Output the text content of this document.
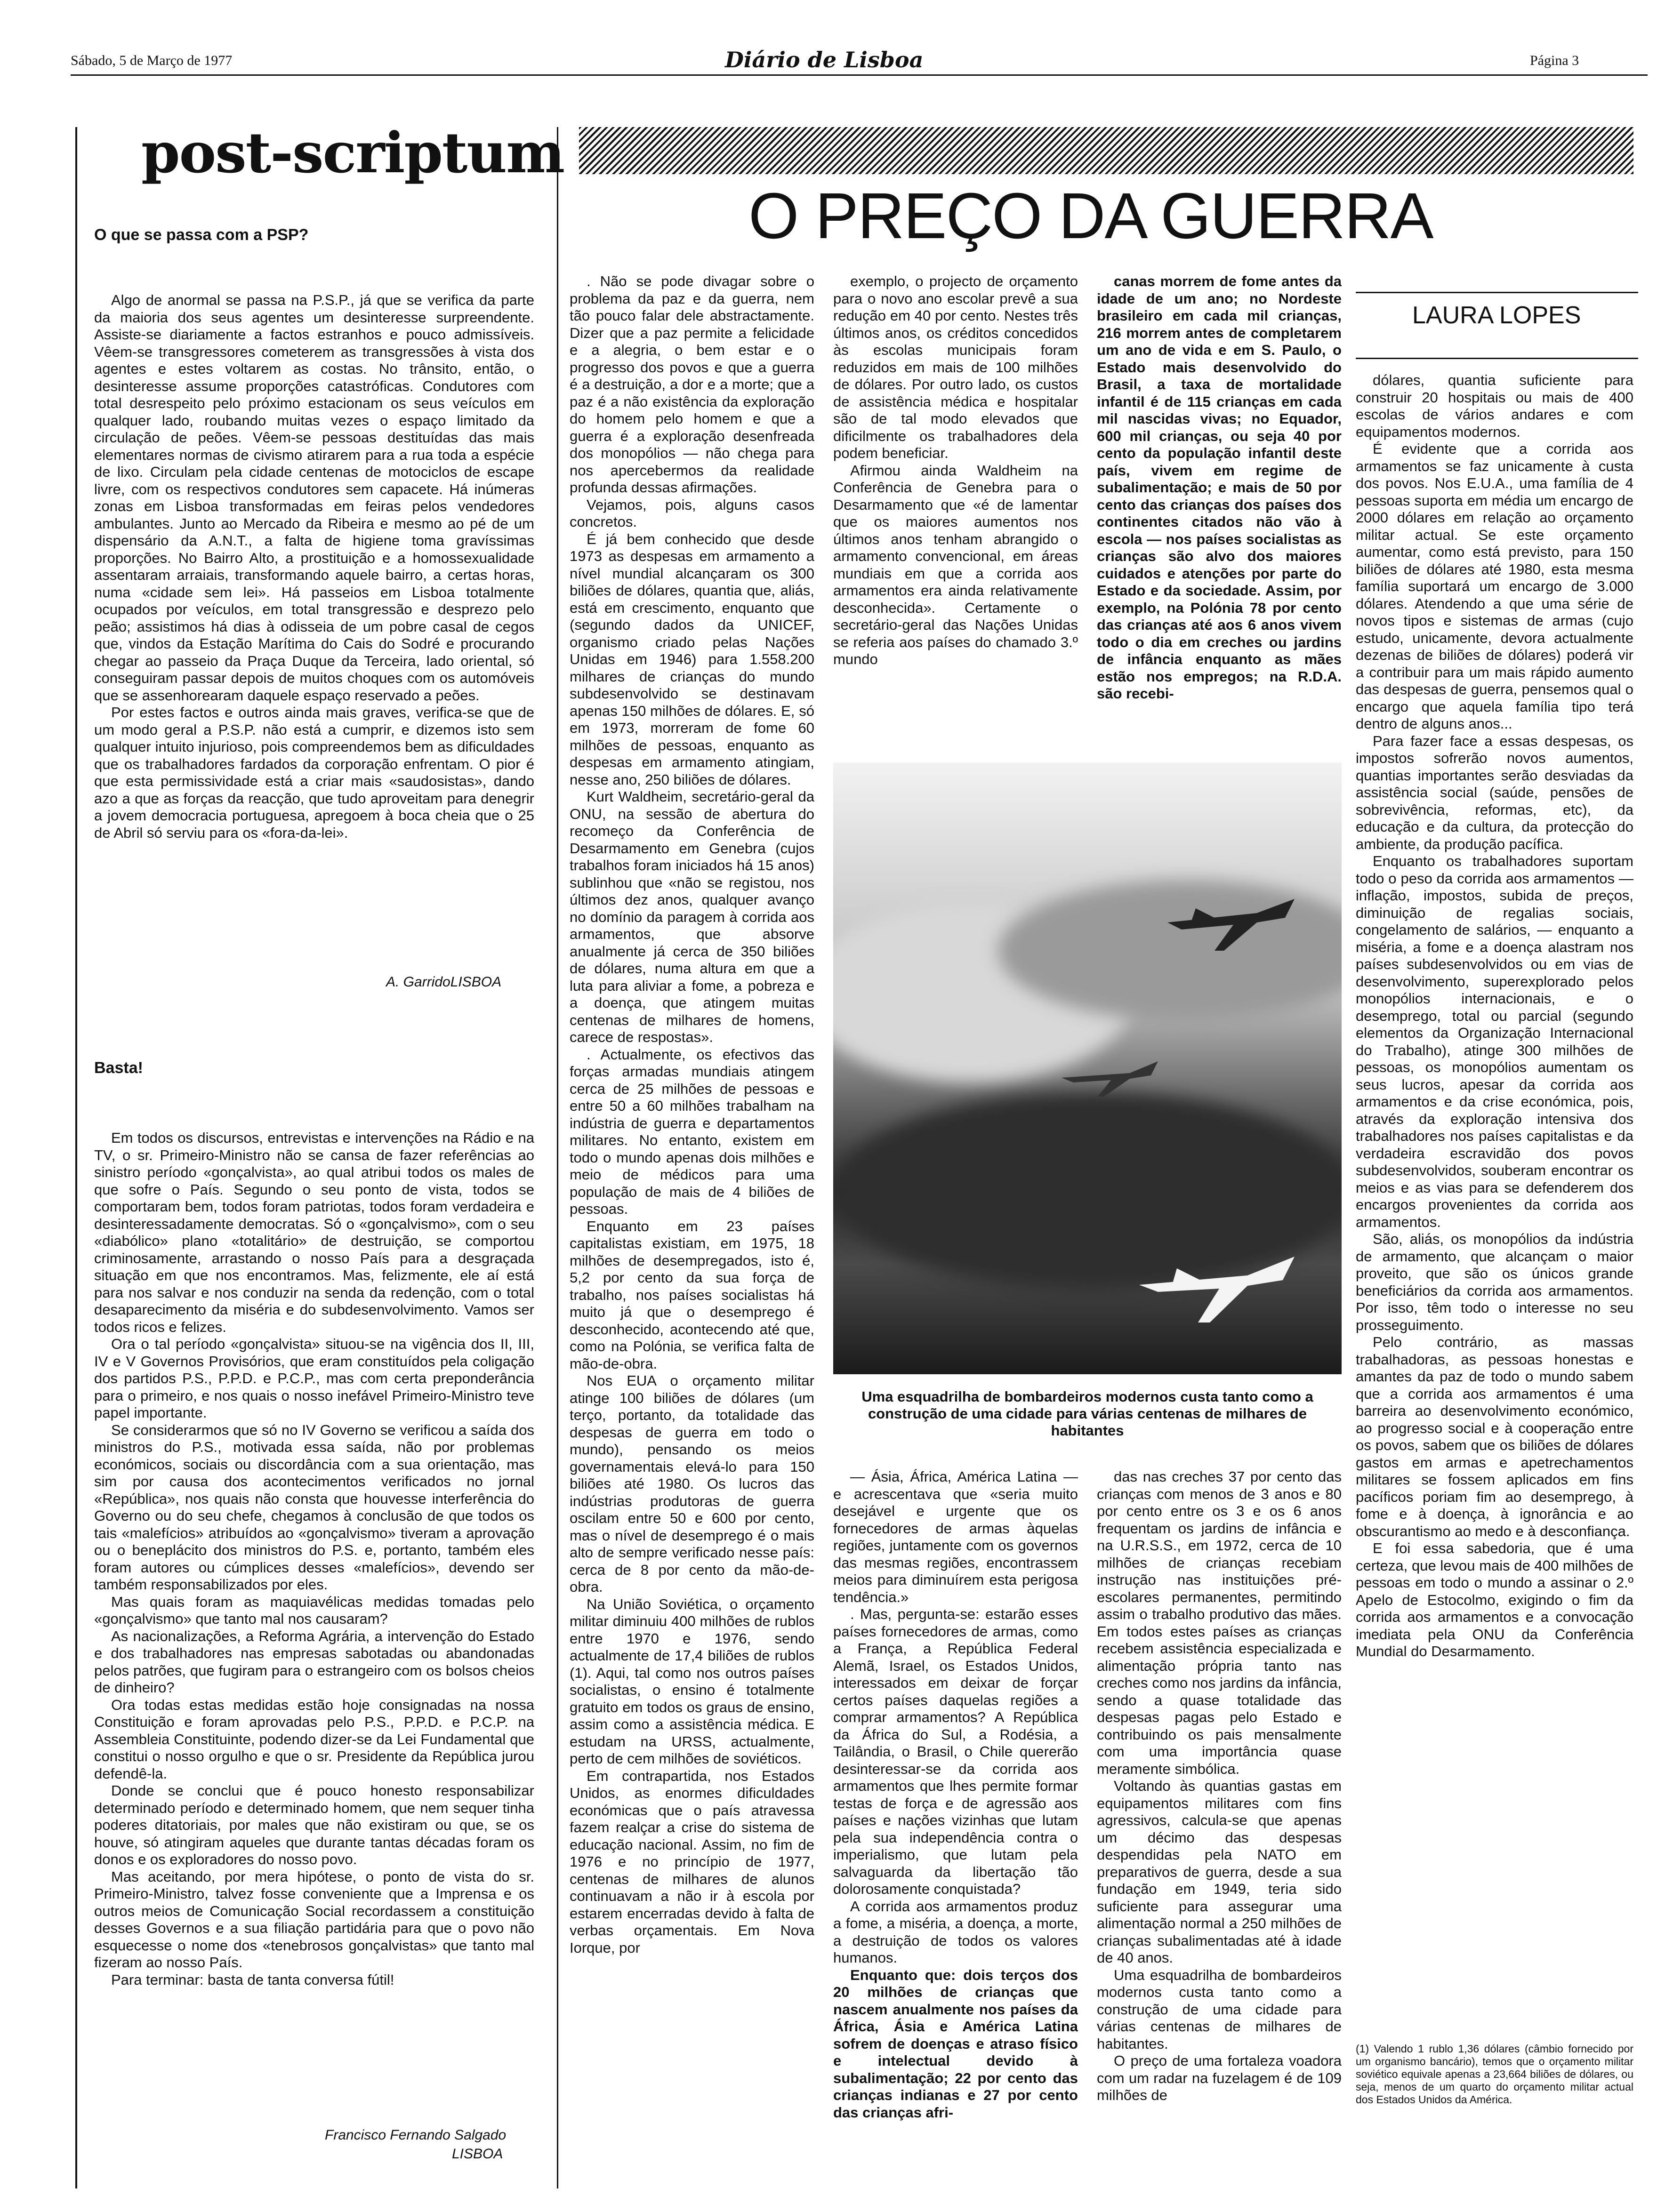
Sábado, 5 de Março de 1977	Diário de Lisboa	Página 3
post-scriptum
O que se passa com a PSP?

Algo de anormal se passa na P.S.P., já que se verifica da parte da maioria dos seus agentes um desinteresse surpreendente. Assiste-se diariamente a factos estranhos e pouco admissíveis. Vêem-se transgressores cometerem as transgressões à vista dos agentes e estes voltarem as costas. No trânsito, então, o desinteresse assume proporções catastróficas. Condutores com total desrespeito pelo próximo estacionam os seus veículos em qualquer lado, roubando muitas vezes o espaço limitado da circulação de peões. Vêem-se pessoas destituídas das mais elementares normas de civismo atirarem para a rua toda a espécie de lixo. Circulam pela cidade centenas de motociclos de escape livre, com os respectivos condutores sem capacete. Há inúmeras zonas em Lisboa transformadas em feiras pelos vendedores ambulantes. Junto ao Mercado da Ribeira e mesmo ao pé de um dispensário da A.N.T., a falta de higiene toma gravíssimas proporções. No Bairro Alto, a prostituição e a homossexualidade assentaram arraiais, transformando aquele bairro, a certas horas, numa «cidade sem lei». Há passeios em Lisboa totalmente ocupados por veículos, em total transgressão e desprezo pelo peão; assistimos há dias à odisseia de um pobre casal de cegos que, vindos da Estação Marítima do Cais do Sodré e procurando chegar ao passeio da Praça Duque da Terceira, lado oriental, só conseguiram passar depois de muitos choques com os automóveis que se assenhorearam daquele espaço reservado a peões.

Por estes factos e outros ainda mais graves, verifica-se que de um modo geral a P.S.P. não está a cumprir, e dizemos isto sem qualquer intuito injurioso, pois compreendemos bem as dificuldades que os trabalhadores fardados da corporação enfrentam. O pior é que esta permissividade está a criar mais «saudosistas», dando azo a que as forças da reacção, que tudo aproveitam para denegrir a jovem democracia portuguesa, apregoem à boca cheia que o 25 de Abril só serviu para os «fora-da-lei».

A. GarridoLISBOA
Basta!

Em todos os discursos, entrevistas e intervenções na Rádio e na TV, o sr. Primeiro-Ministro não se cansa de fazer referências ao sinistro período «gonçalvista», ao qual atribui todos os males de que sofre o País. Segundo o seu ponto de vista, todos se comportaram bem, todos foram patriotas, todos foram verdadeira e desinteressadamente democratas. Só o «gonçalvismo», com o seu «diabólico» plano «totalitário» de destruição, se comportou criminosamente, arrastando o nosso País para a desgraçada situação em que nos encontramos. Mas, felizmente, ele aí está para nos salvar e nos conduzir na senda da redenção, com o total desaparecimento da miséria e do subdesenvolvimento. Vamos ser todos ricos e felizes.

Ora o tal período «gonçalvista» situou-se na vigência dos II, III, IV e V Governos Provisórios, que eram constituídos pela coligação dos partidos P.S., P.P.D. e P.C.P., mas com certa preponderância para o primeiro, e nos quais o nosso inefável Primeiro-Ministro teve papel importante.

Se considerarmos que só no IV Governo se verificou a saída dos ministros do P.S., motivada essa saída, não por problemas económicos, sociais ou discordância com a sua orientação, mas sim por causa dos acontecimentos verificados no jornal «República», nos quais não consta que houvesse interferência do Governo ou do seu chefe, chegamos à conclusão de que todos os tais «malefícios» atribuídos ao «gonçalvismo» tiveram a aprovação ou o beneplácito dos ministros do P.S. e, portanto, também eles foram autores ou cúmplices desses «malefícios», devendo ser também responsabilizados por eles.

Mas quais foram as maquiavélicas medidas tomadas pelo «gonçalvismo» que tanto mal nos causaram?

As nacionalizações, a Reforma Agrária, a intervenção do Estado e dos trabalhadores nas empresas sabotadas ou abandonadas pelos patrões, que fugiram para o estrangeiro com os bolsos cheios de dinheiro?

Ora todas estas medidas estão hoje consignadas na nossa Constituição e foram aprovadas pelo P.S., P.P.D. e P.C.P. na Assembleia Constituinte, podendo dizer-se da Lei Fundamental que constitui o nosso orgulho e que o sr. Presidente da República jurou defendê-la.

Donde se conclui que é pouco honesto responsabilizar determinado período e determinado homem, que nem sequer tinha poderes ditatoriais, por males que não existiram ou que, se os houve, só atingiram aqueles que durante tantas décadas foram os donos e os exploradores do nosso povo.

Mas aceitando, por mera hipótese, o ponto de vista do sr. Primeiro-Ministro, talvez fosse conveniente que a Imprensa e os outros meios de Comunicação Social recordassem a constituição desses Governos e a sua filiação partidária para que o povo não esquecesse o nome dos «tenebrosos gonçalvistas» que tanto mal fizeram ao nosso País.

Para terminar: basta de tanta conversa fútil!

Francisco Fernando Salgado
LISBOA
O PREÇO DA GUERRA
LAURA LOPES

. Não se pode divagar sobre o problema da paz e da guerra, nem tão pouco falar dele abstractamente. Dizer que a paz permite a felicidade e a alegria, o bem estar e o progresso dos povos e que a guerra é a destruição, a dor e a morte; que a paz é a não existência da exploração do homem pelo homem e que a guerra é a exploração desenfreada dos monopólios — não chega para nos apercebermos da realidade profunda dessas afirmações.

Vejamos, pois, alguns casos concretos.

É já bem conhecido que desde 1973 as despesas em armamento a nível mundial alcançaram os 300 biliões de dólares, quantia que, aliás, está em crescimento, enquanto que (segundo dados da UNICEF, organismo criado pelas Nações Unidas em 1946) para 1.558.200 milhares de crianças do mundo subdesenvolvido se destinavam apenas 150 milhões de dólares. E, só em 1973, morreram de fome 60 milhões de pessoas, enquanto as despesas em armamento atingiam, nesse ano, 250 biliões de dólares.

Kurt Waldheim, secretário-geral da ONU, na sessão de abertura do recomeço da Conferência de Desarmamento em Genebra (cujos trabalhos foram iniciados há 15 anos) sublinhou que «não se registou, nos últimos dez anos, qualquer avanço no domínio da paragem à corrida aos armamentos, que absorve anualmente já cerca de 350 biliões de dólares, numa altura em que a luta para aliviar a fome, a pobreza e a doença, que atingem muitas centenas de milhares de homens, carece de respostas».

. Actualmente, os efectivos das forças armadas mundiais atingem cerca de 25 milhões de pessoas e entre 50 a 60 milhões trabalham na indústria de guerra e departamentos militares. No entanto, existem em todo o mundo apenas dois milhões e meio de médicos para uma população de mais de 4 biliões de pessoas.

Enquanto em 23 países capitalistas existiam, em 1975, 18 milhões de desempregados, isto é, 5,2 por cento da sua força de trabalho, nos países socialistas há muito já que o desemprego é desconhecido, acontecendo até que, como na Polónia, se verifica falta de mão-de-obra.

Nos EUA o orçamento militar atinge 100 biliões de dólares (um terço, portanto, da totalidade das despesas de guerra em todo o mundo), pensando os meios governamentais elevá-lo para 150 biliões até 1980. Os lucros das indústrias produtoras de guerra oscilam entre 50 e 600 por cento, mas o nível de desemprego é o mais alto de sempre verificado nesse país: cerca de 8 por cento da mão-de-obra.

Na União Soviética, o orçamento militar diminuiu 400 milhões de rublos entre 1970 e 1976, sendo actualmente de 17,4 biliões de rublos (1). Aqui, tal como nos outros países socialistas, o ensino é totalmente gratuito em todos os graus de ensino, assim como a assistência médica. E estudam na URSS, actualmente, perto de cem milhões de soviéticos.

Em contrapartida, nos Estados Unidos, as enormes dificuldades económicas que o país atravessa fazem realçar a crise do sistema de educação nacional. Assim, no fim de 1976 e no princípio de 1977, centenas de milhares de alunos continuavam a não ir à escola por estarem encerradas devido à falta de verbas orçamentais. Em Nova Iorque, por

exemplo, o projecto de orçamento para o novo ano escolar prevê a sua redução em 40 por cento. Nestes três últimos anos, os créditos concedidos às escolas municipais foram reduzidos em mais de 100 milhões de dólares. Por outro lado, os custos de assistência médica e hospitalar são de tal modo elevados que dificilmente os trabalhadores dela podem beneficiar.

Afirmou ainda Waldheim na Conferência de Genebra para o Desarmamento que «é de lamentar que os maiores aumentos nos últimos anos tenham abrangido o armamento convencional, em áreas mundiais em que a corrida aos armamentos era ainda relativamente desconhecida». Certamente o secretário-geral das Nações Unidas se referia aos países do chamado 3.º mundo

canas morrem de fome antes da idade de um ano; no Nordeste brasileiro em cada mil crianças, 216 morrem antes de completarem um ano de vida e em S. Paulo, o Estado mais desenvolvido do Brasil, a taxa de mortalidade infantil é de 115 crianças em cada mil nascidas vivas; no Equador, 600 mil crianças, ou seja 40 por cento da população infantil deste país, vivem em regime de subalimentação; e mais de 50 por cento das crianças dos países dos continentes citados não vão à escola — nos países socialistas as crianças são alvo dos maiores cuidados e atenções por parte do Estado e da sociedade. Assim, por exemplo, na Polónia 78 por cento das crianças até aos 6 anos vivem todo o dia em creches ou jardins de infância enquanto as mães estão nos empregos; na R.D.A. são recebi-

Uma esquadrilha de bombardeiros modernos custa tanto como a construção de uma cidade para várias centenas de milhares de habitantes

— Ásia, África, América Latina — e acrescentava que «seria muito desejável e urgente que os fornecedores de armas àquelas regiões, juntamente com os governos das mesmas regiões, encontrassem meios para diminuírem esta perigosa tendência.»

. Mas, pergunta-se: estarão esses países fornecedores de armas, como a França, a República Federal Alemã, Israel, os Estados Unidos, interessados em deixar de forçar certos países daquelas regiões a comprar armamentos? A República da África do Sul, a Rodésia, a Tailândia, o Brasil, o Chile quererão desinteressar-se da corrida aos armamentos que lhes permite formar testas de força e de agressão aos países e nações vizinhas que lutam pela sua independência contra o imperialismo, que lutam pela salvaguarda da libertação tão dolorosamente conquistada?

A corrida aos armamentos produz a fome, a miséria, a doença, a morte, a destruição de todos os valores humanos.

Enquanto que: dois terços dos 20 milhões de crianças que nascem anualmente nos países da África, Ásia e América Latina sofrem de doenças e atraso físico e intelectual devido à subalimentação; 22 por cento das crianças indianas e 27 por cento das crianças afri-

das nas creches 37 por cento das crianças com menos de 3 anos e 80 por cento entre os 3 e os 6 anos frequentam os jardins de infância e na U.R.S.S., em 1972, cerca de 10 milhões de crianças recebiam instrução nas instituições pré-escolares permanentes, permitindo assim o trabalho produtivo das mães. Em todos estes países as crianças recebem assistência especializada e alimentação própria tanto nas creches como nos jardins da infância, sendo a quase totalidade das despesas pagas pelo Estado e contribuindo os pais mensalmente com uma importância quase meramente simbólica.

Voltando às quantias gastas em equipamentos militares com fins agressivos, calcula-se que apenas um décimo das despesas despendidas pela NATO em preparativos de guerra, desde a sua fundação em 1949, teria sido suficiente para assegurar uma alimentação normal a 250 milhões de crianças subalimentadas até à idade de 40 anos.

Uma esquadrilha de bombardeiros modernos custa tanto como a construção de uma cidade para várias centenas de milhares de habitantes.

O preço de uma fortaleza voadora com um radar na fuzelagem é de 109 milhões de

dólares, quantia suficiente para construir 20 hospitais ou mais de 400 escolas de vários andares e com equipamentos modernos.

É evidente que a corrida aos armamentos se faz unicamente à custa dos povos. Nos E.U.A., uma família de 4 pessoas suporta em média um encargo de 2000 dólares em relação ao orçamento militar actual. Se este orçamento aumentar, como está previsto, para 150 biliões de dólares até 1980, esta mesma família suportará um encargo de 3.000 dólares. Atendendo a que uma série de novos tipos e sistemas de armas (cujo estudo, unicamente, devora actualmente dezenas de biliões de dólares) poderá vir a contribuir para um mais rápido aumento das despesas de guerra, pensemos qual o encargo que aquela família tipo terá dentro de alguns anos...

Para fazer face a essas despesas, os impostos sofrerão novos aumentos, quantias importantes serão desviadas da assistência social (saúde, pensões de sobrevivência, reformas, etc), da educação e da cultura, da protecção do ambiente, da produção pacífica.

Enquanto os trabalhadores suportam todo o peso da corrida aos armamentos — inflação, impostos, subida de preços, diminuição de regalias sociais, congelamento de salários, — enquanto a miséria, a fome e a doença alastram nos países subdesenvolvidos ou em vias de desenvolvimento, superexplorado pelos monopólios internacionais, e o desemprego, total ou parcial (segundo elementos da Organização Internacional do Trabalho), atinge 300 milhões de pessoas, os monopólios aumentam os seus lucros, apesar da corrida aos armamentos e da crise económica, pois, através da exploração intensiva dos trabalhadores nos países capitalistas e da verdadeira escravidão dos povos subdesenvolvidos, souberam encontrar os meios e as vias para se defenderem dos encargos provenientes da corrida aos armamentos.

São, aliás, os monopólios da indústria de armamento, que alcançam o maior proveito, que são os únicos grande beneficiários da corrida aos armamentos. Por isso, têm todo o interesse no seu prosseguimento.

Pelo contrário, as massas trabalhadoras, as pessoas honestas e amantes da paz de todo o mundo sabem que a corrida aos armamentos é uma barreira ao desenvolvimento económico, ao progresso social e à cooperação entre os povos, sabem que os biliões de dólares gastos em armas e apetrechamentos militares se fossem aplicados em fins pacíficos poriam fim ao desemprego, à fome e à doença, à ignorância e ao obscurantismo ao medo e à desconfiança.

E foi essa sabedoria, que é uma certeza, que levou mais de 400 milhões de pessoas em todo o mundo a assinar o 2.º Apelo de Estocolmo, exigindo o fim da corrida aos armamentos e a convocação imediata pela ONU da Conferência Mundial do Desarmamento.

(1) Valendo 1 rublo 1,36 dólares (câmbio fornecido por um organismo bancário), temos que o orçamento militar soviético equivale apenas a 23,664 biliões de dólares, ou seja, menos de um quarto do orçamento militar actual dos Estados Unidos da América.
